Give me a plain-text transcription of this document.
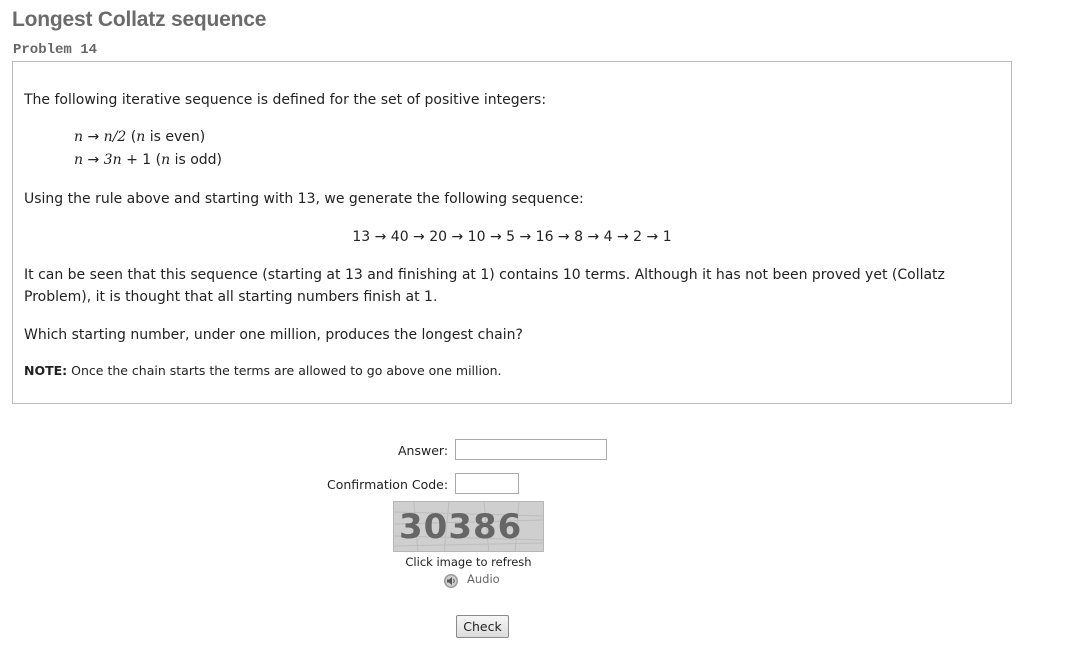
Longest Collatz sequence
Problem 14

The following iterative sequence is defined for the set of positive integers:

n → n/2 (n is even)
n → 3n + 1 (n is odd)

Using the rule above and starting with 13, we generate the following sequence:

13 → 40 → 20 → 10 → 5 → 16 → 8 → 4 → 2 → 1

It can be seen that this sequence (starting at 13 and finishing at 1) contains 10 terms. Although it has not been proved yet (Collatz

Problem), it is thought that all starting numbers finish at 1.

Which starting number, under one million, produces the longest chain?

NOTE: Once the chain starts the terms are allowed to go above one million.

Answer:
Confirmation Code:
30386
Click image to refresh
Audio
Check
